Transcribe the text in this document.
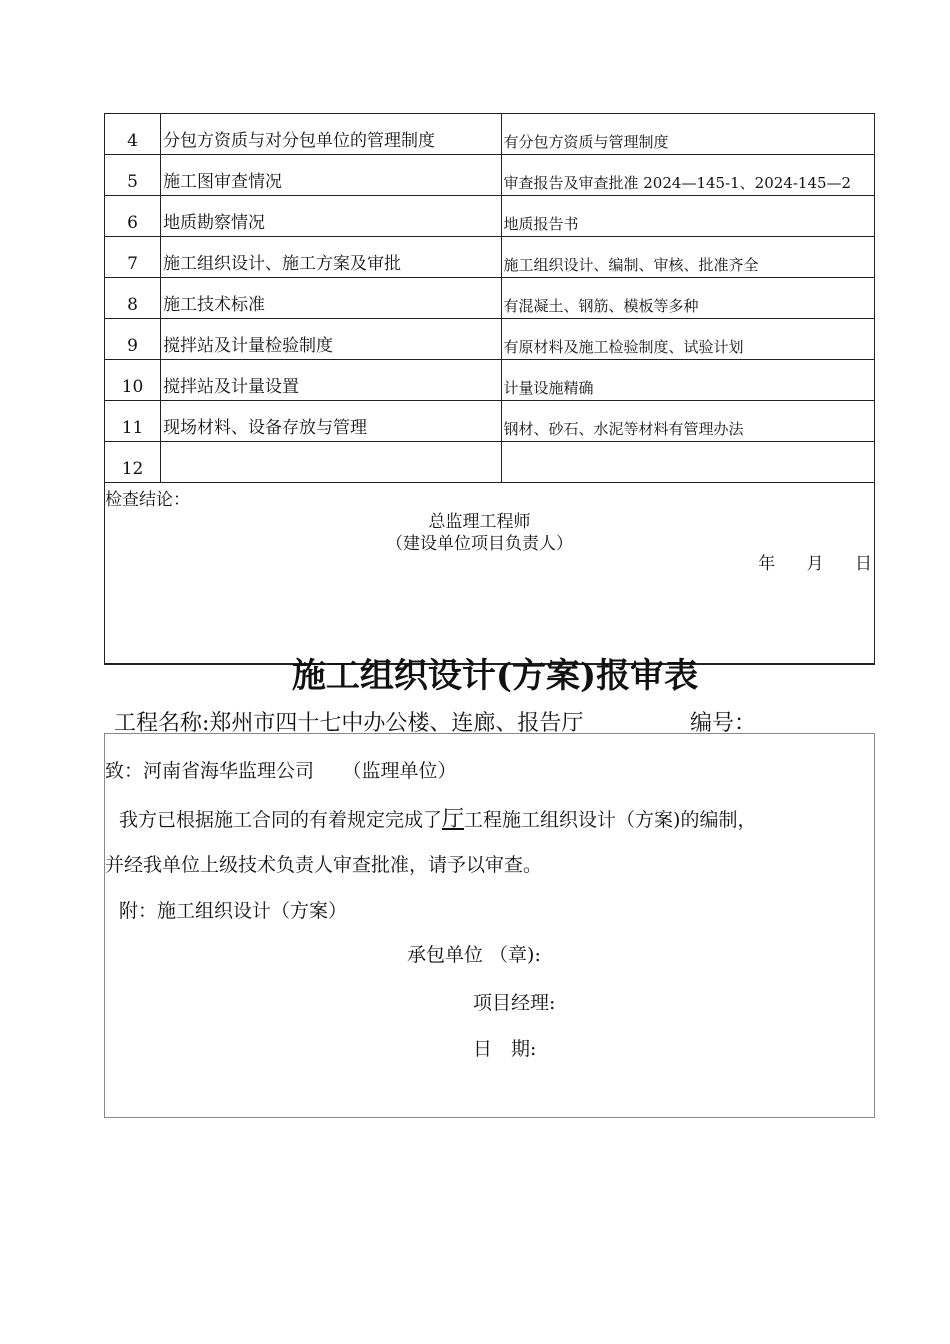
4	分包方资质与对分包单位的管理制度	有分包方资质与管理制度
5	施工图审查情况	审查报告及审查批准 2024—145-1、2024-145—2
6	地质勘察情况	地质报告书
7	施工组织设计、施工方案及审批	施工组织设计、编制、审核、批准齐全
8	施工技术标准	有混凝土、钢筋、模板等多种
9	搅拌站及计量检验制度	有原材料及施工检验制度、试验计划
10	搅拌站及计量设置	计量设施精确
11	现场材料、设备存放与管理	钢材、砂石、水泥等材料有管理办法
12		

检查结论：
总监理工程师
（建设单位项目负责人）
年 月 日		
施工组织设计(方案)报审表
工程名称:郑州市四十七中办公楼、连廊、报告厅	编号：
致：河南省海华监理公司　　（监理单位）
我方已根据施工合同的有着规定完成了厅工程施工组织设计（方案)的编制，
并经我单位上级技术负责人审查批准，请予以审查。
附：施工组织设计（方案）
承包单位 （章):
项目经理:
日　期:
